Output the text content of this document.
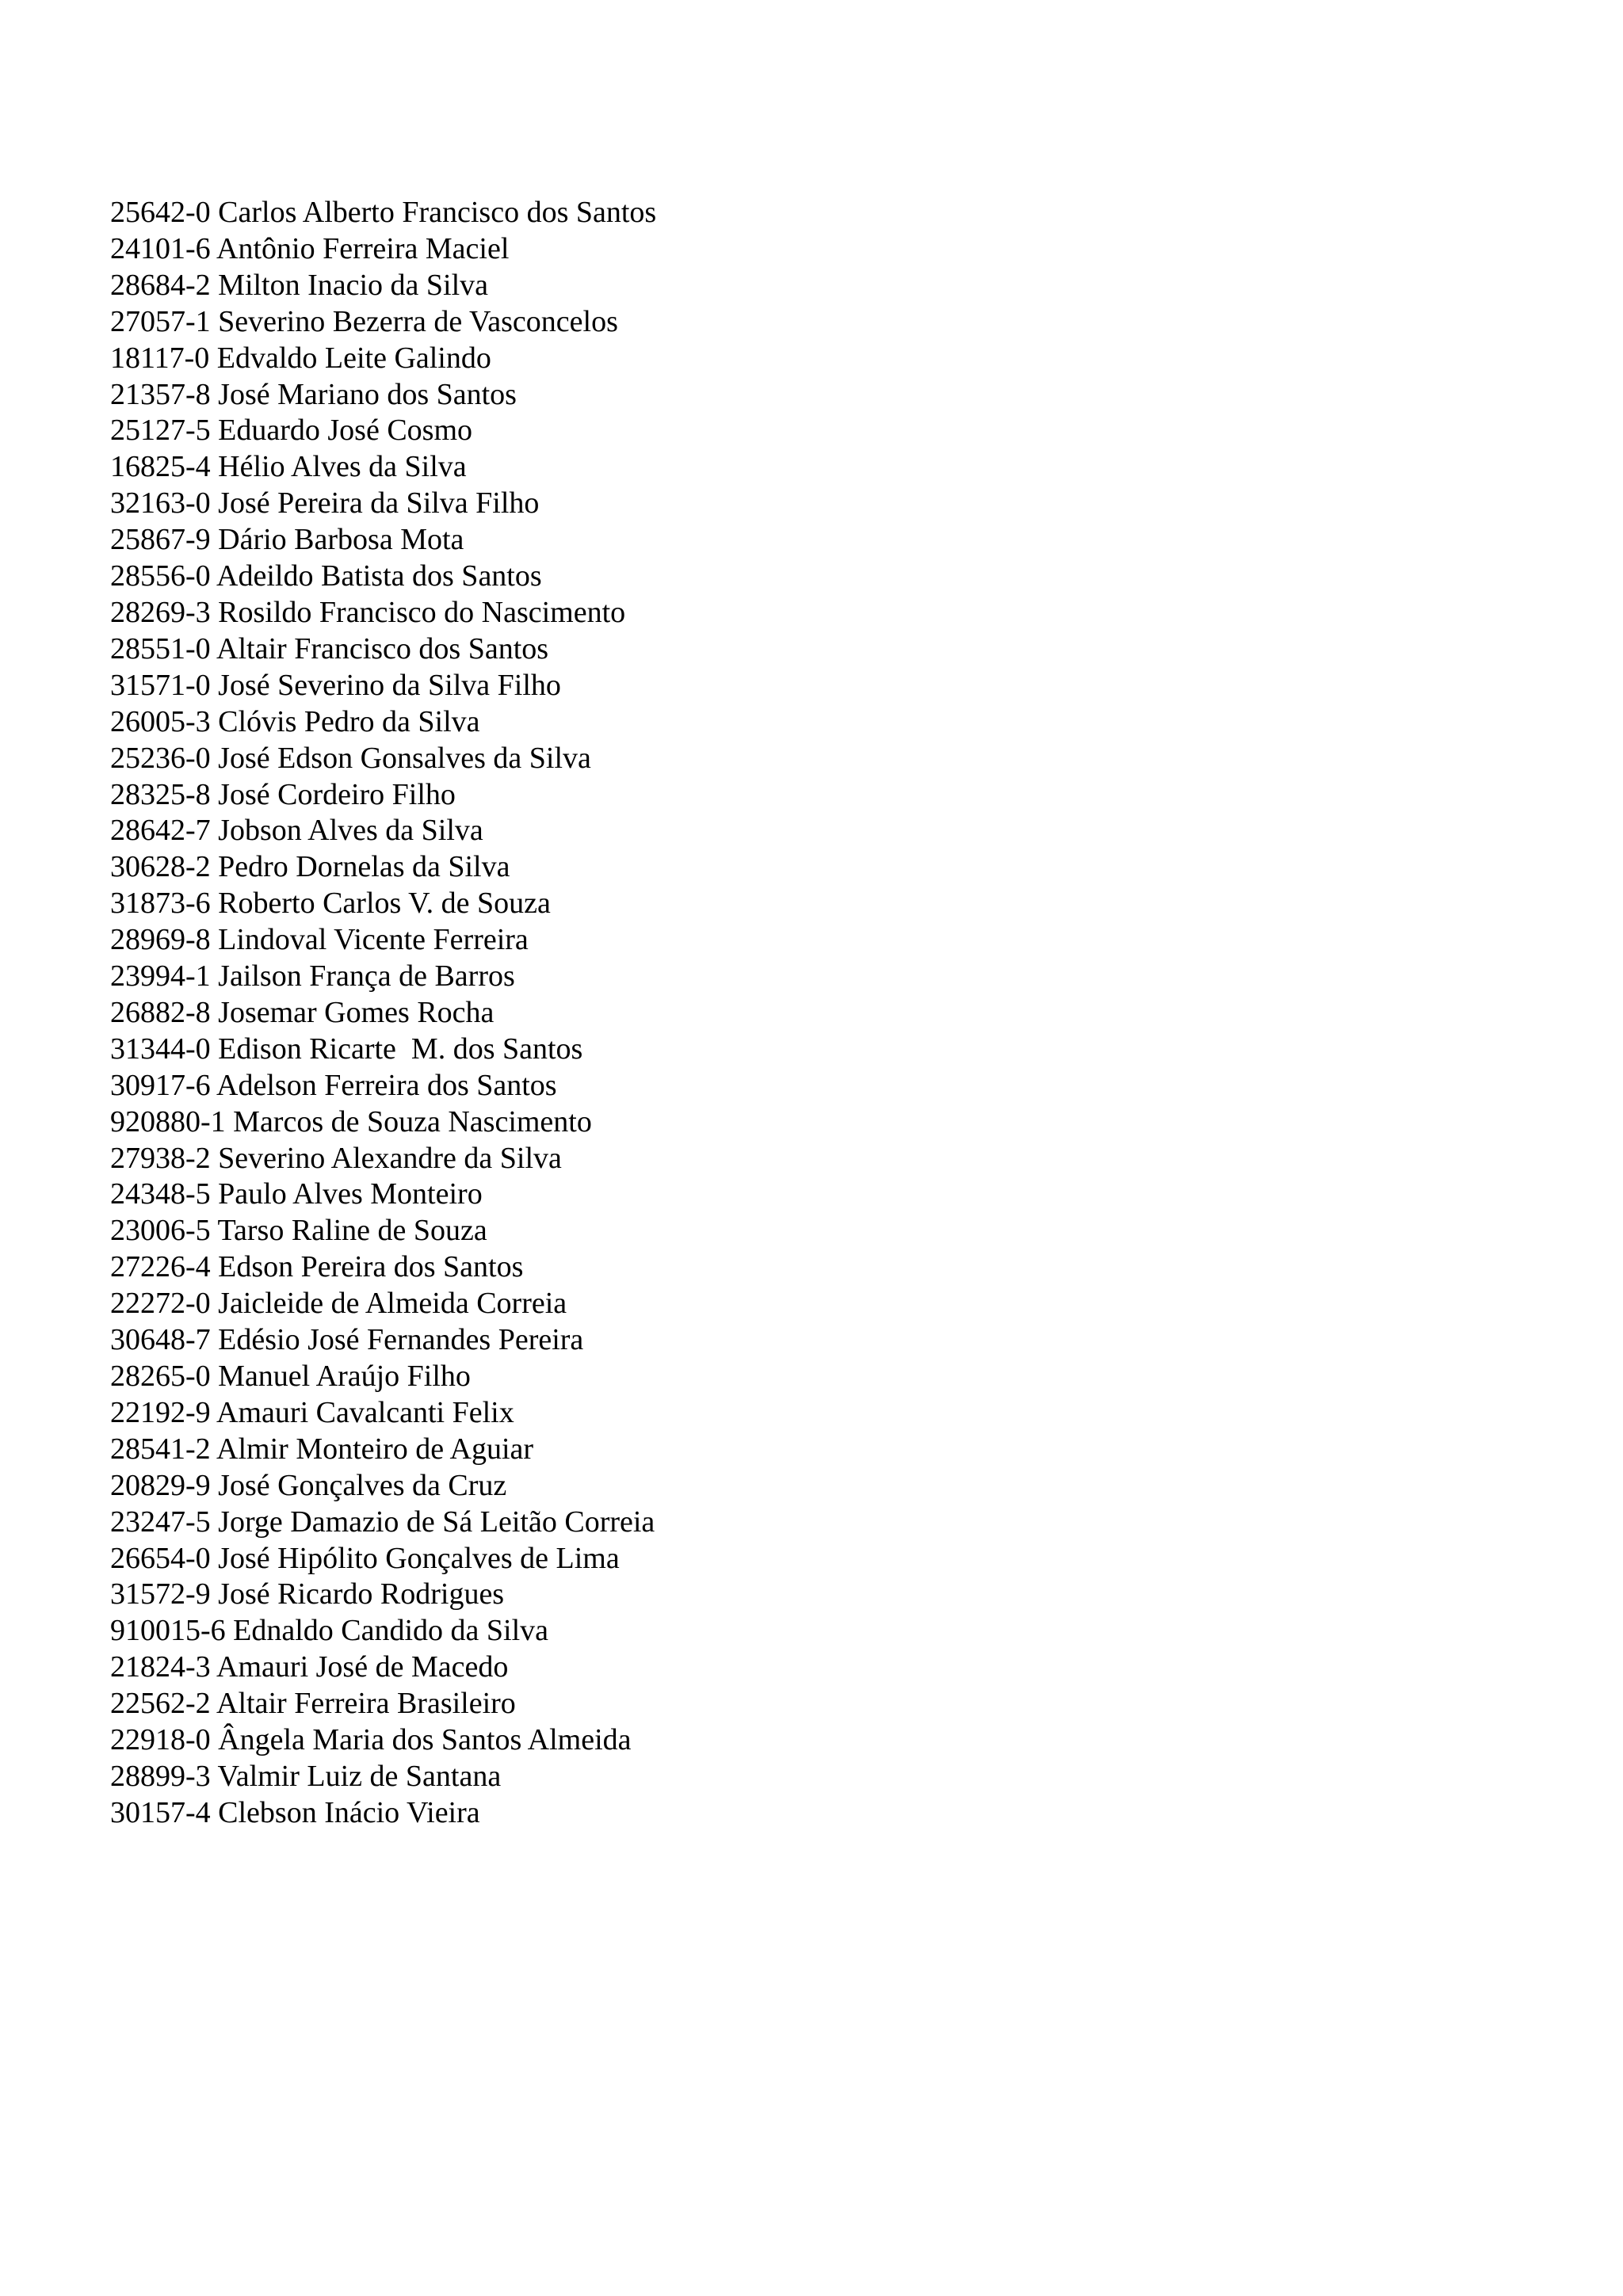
25642-0 Carlos Alberto Francisco dos Santos
24101-6 Antônio Ferreira Maciel
28684-2 Milton Inacio da Silva
27057-1 Severino Bezerra de Vasconcelos
18117-0 Edvaldo Leite Galindo
21357-8 José Mariano dos Santos
25127-5 Eduardo José Cosmo
16825-4 Hélio Alves da Silva
32163-0 José Pereira da Silva Filho
25867-9 Dário Barbosa Mota
28556-0 Adeildo Batista dos Santos
28269-3 Rosildo Francisco do Nascimento
28551-0 Altair Francisco dos Santos
31571-0 José Severino da Silva Filho
26005-3 Clóvis Pedro da Silva
25236-0 José Edson Gonsalves da Silva
28325-8 José Cordeiro Filho
28642-7 Jobson Alves da Silva
30628-2 Pedro Dornelas da Silva
31873-6 Roberto Carlos V. de Souza
28969-8 Lindoval Vicente Ferreira
23994-1 Jailson França de Barros
26882-8 Josemar Gomes Rocha
31344-0 Edison Ricarte  M. dos Santos
30917-6 Adelson Ferreira dos Santos
920880-1 Marcos de Souza Nascimento
27938-2 Severino Alexandre da Silva
24348-5 Paulo Alves Monteiro
23006-5 Tarso Raline de Souza
27226-4 Edson Pereira dos Santos
22272-0 Jaicleide de Almeida Correia
30648-7 Edésio José Fernandes Pereira
28265-0 Manuel Araújo Filho
22192-9 Amauri Cavalcanti Felix
28541-2 Almir Monteiro de Aguiar
20829-9 José Gonçalves da Cruz
23247-5 Jorge Damazio de Sá Leitão Correia
26654-0 José Hipólito Gonçalves de Lima
31572-9 José Ricardo Rodrigues
910015-6 Ednaldo Candido da Silva
21824-3 Amauri José de Macedo
22562-2 Altair Ferreira Brasileiro
22918-0 Ângela Maria dos Santos Almeida
28899-3 Valmir Luiz de Santana
30157-4 Clebson Inácio Vieira
